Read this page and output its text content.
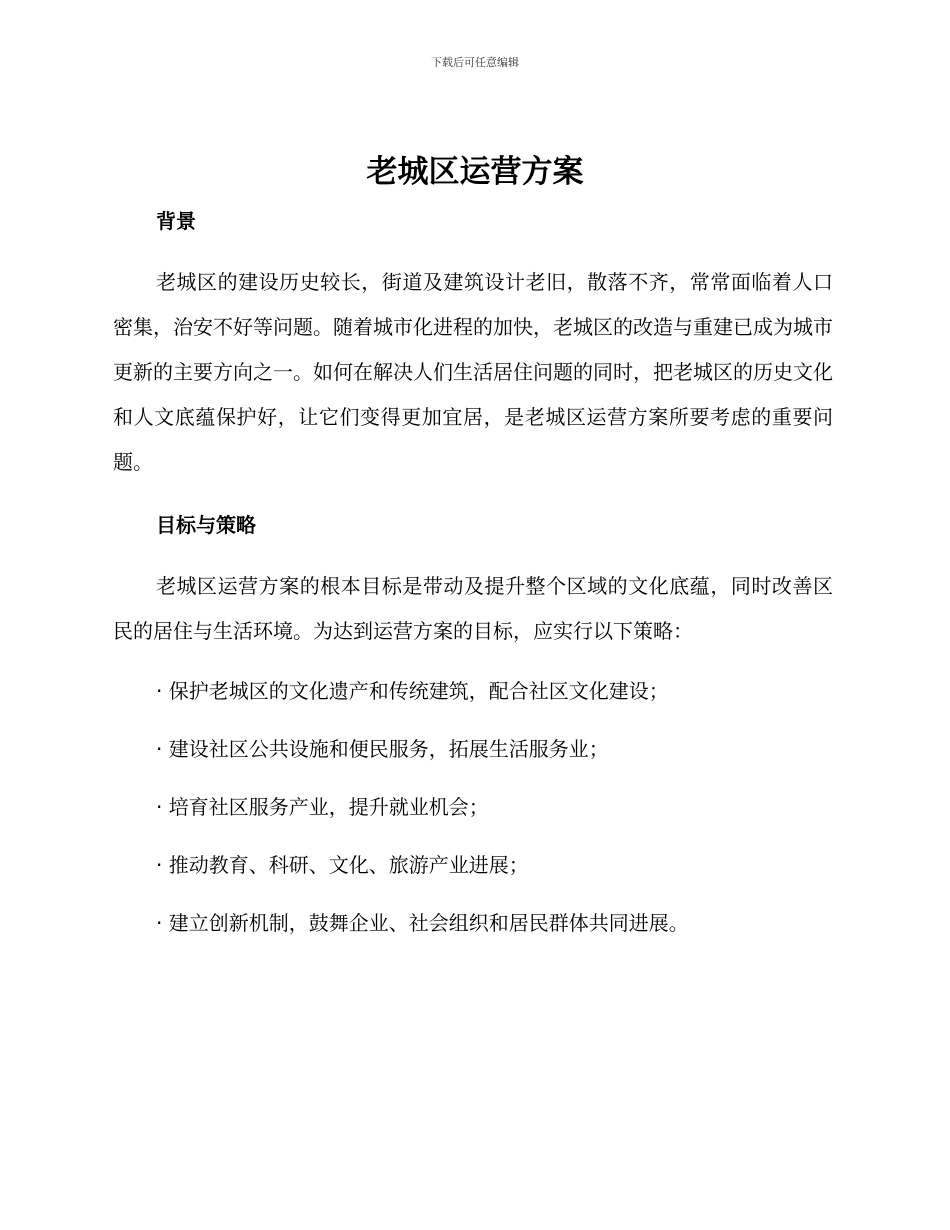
下载后可任意编辑
老城区运营方案
背景

老城区的建设历史较长，街道及建筑设计老旧，散落不齐，常常面临着人口密集，治安不好等问题。随着城市化进程的加快，老城区的改造与重建已成为城市更新的主要方向之一。如何在解决人们生活居住问题的同时，把老城区的历史文化和人文底蕴保护好，让它们变得更加宜居，是老城区运营方案所要考虑的重要问题。

目标与策略

老城区运营方案的根本目标是带动及提升整个区域的文化底蕴，同时改善区民的居住与生活环境。为达到运营方案的目标，应实行以下策略：

· 保护老城区的文化遗产和传统建筑，配合社区文化建设；
· 建设社区公共设施和便民服务，拓展生活服务业；
· 培育社区服务产业，提升就业机会；
· 推动教育、科研、文化、旅游产业进展；
· 建立创新机制，鼓舞企业、社会组织和居民群体共同进展。
